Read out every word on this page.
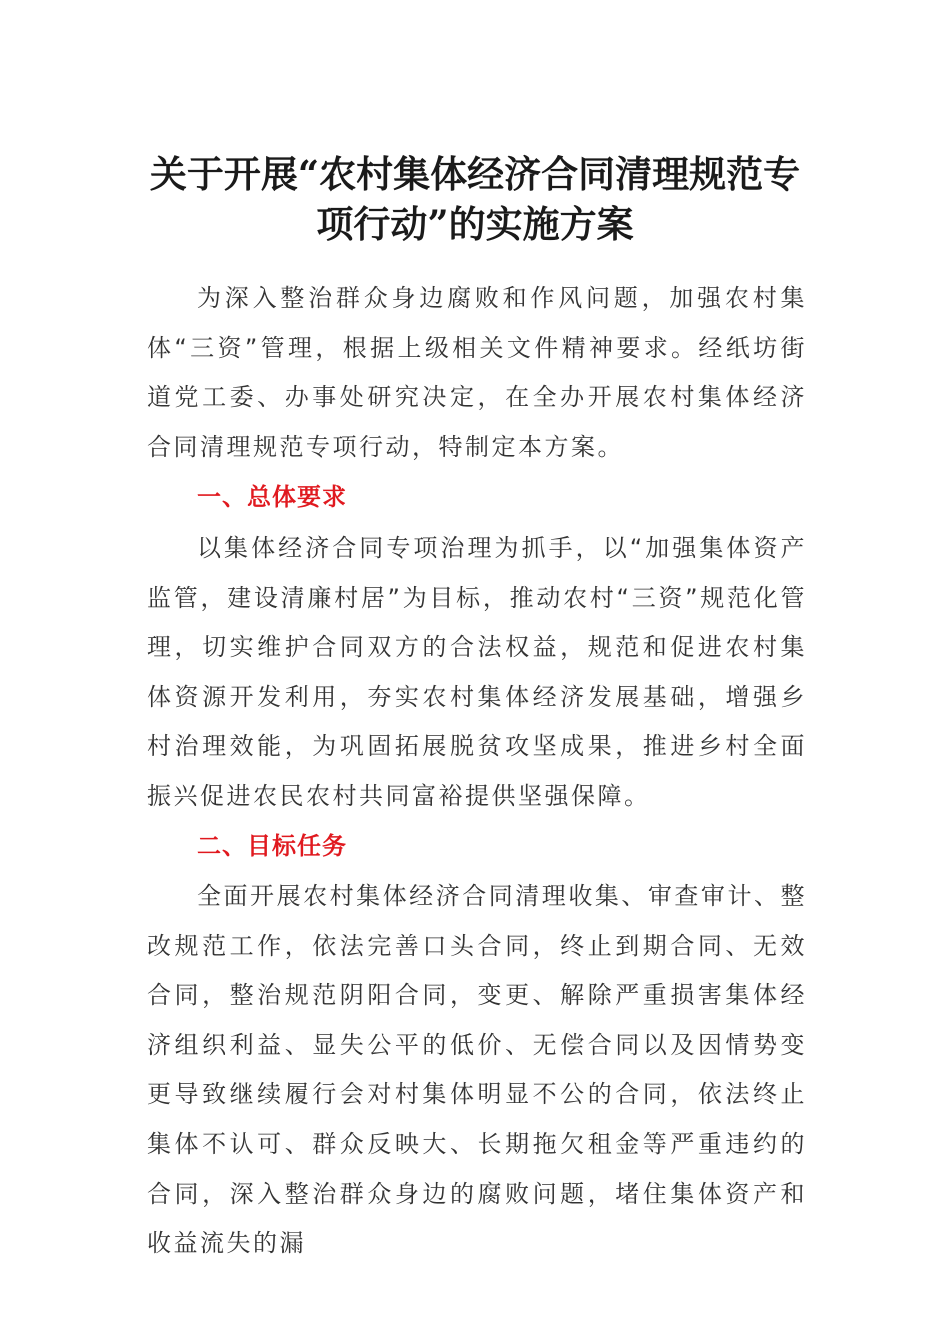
关于开展“农村集体经济合同清理规范专
项行动”的实施方案
为深入整治群众身边腐败和作风问题，加强农村集体“三资”管理，根据上级相关文件精神要求。经纸坊街道党工委、办事处研究决定，在全办开展农村集体经济合同清理规范专项行动，特制定本方案。
一、总体要求
以集体经济合同专项治理为抓手，以“加强集体资产监管，建设清廉村居”为目标，推动农村“三资”规范化管理，切实维护合同双方的合法权益，规范和促进农村集体资源开发利用，夯实农村集体经济发展基础，增强乡村治理效能，为巩固拓展脱贫攻坚成果，推进乡村全面振兴促进农民农村共同富裕提供坚强保障。
二、目标任务
全面开展农村集体经济合同清理收集、审查审计、整改规范工作，依法完善口头合同，终止到期合同、无效合同，整治规范阴阳合同，变更、解除严重损害集体经济组织利益、显失公平的低价、无偿合同以及因情势变更导致继续履行会对村集体明显不公的合同，依法终止集体不认可、群众反映大、长期拖欠租金等严重违约的合同，深入整治群众身边的腐败问题，堵住集体资产和收益流失的漏
